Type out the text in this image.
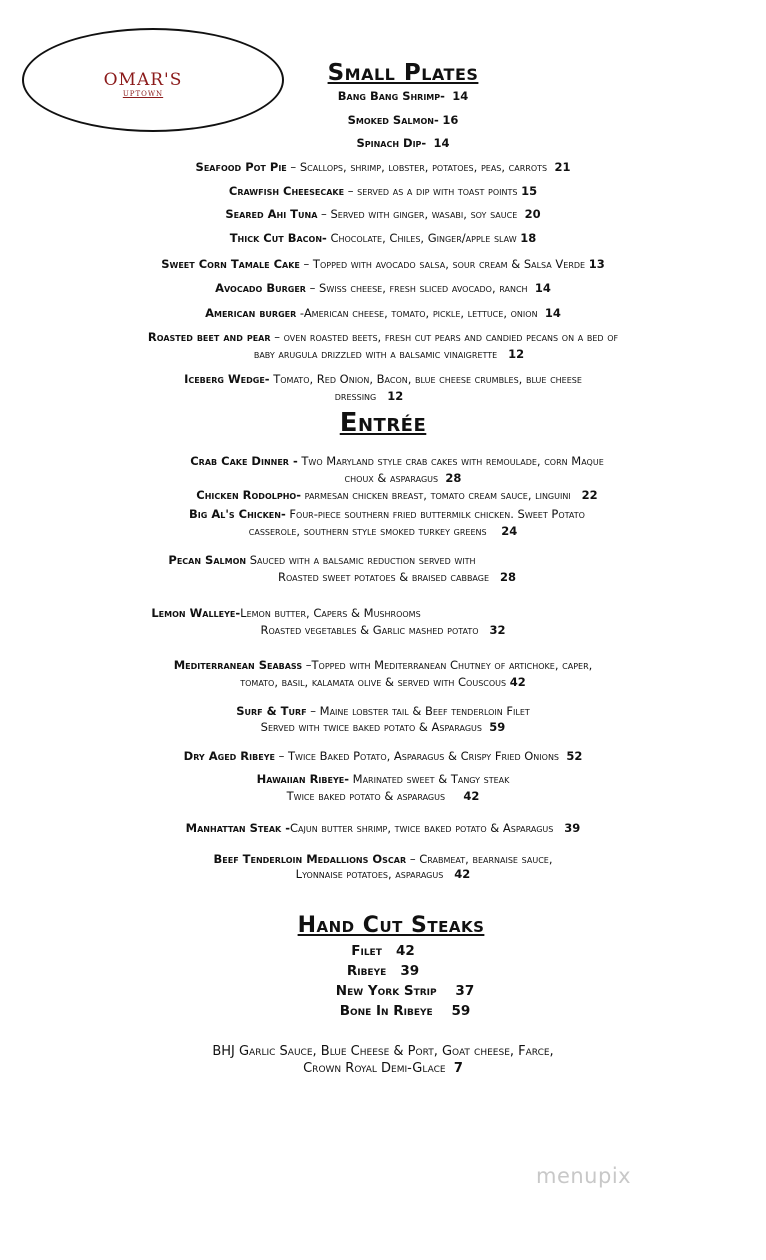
OMAR'S
UPTOWN
Small Plates
Bang Bang Shrimp- 14
Smoked Salmon- 16
Spinach Dip- 14
Seafood Pot Pie – Scallops, shrimp, lobster, potatoes, peas, carrots 21
Crawfish Cheesecake – served as a dip with toast points 15
Seared Ahi Tuna – Served with ginger, wasabi, soy sauce 20
Thick Cut Bacon- Chocolate, Chiles, Ginger/apple slaw 18
Sweet Corn Tamale Cake – Topped with avocado salsa, sour cream & Salsa Verde 13
Avocado Burger – Swiss cheese, fresh sliced avocado, ranch 14
American burger -American cheese, tomato, pickle, lettuce, onion 14
Roasted beet and pear – oven roasted beets, fresh cut pears and candied pecans on a bed of
baby arugula drizzled with a balsamic vinaigrette 12
Iceberg Wedge- Tomato, Red Onion, Bacon, blue cheese crumbles, blue cheese
dressing 12
Entrée
Crab Cake Dinner - Two Maryland style crab cakes with remoulade, corn Maque
choux & asparagus 28
Chicken Rodolpho- parmesan chicken breast, tomato cream sauce, linguini 22
Big Al's Chicken- Four-piece southern fried buttermilk chicken. Sweet Potato
casserole, southern style smoked turkey greens 24
Pecan Salmon Sauced with a balsamic reduction served with
Roasted sweet potatoes & braised cabbage 28
Lemon Walleye-Lemon butter, Capers & Mushrooms
Roasted vegetables & Garlic mashed potato 32
Mediterranean Seabass –Topped with Mediterranean Chutney of artichoke, caper,
tomato, basil, kalamata olive & served with Couscous 42
Surf & Turf – Maine lobster tail & Beef tenderloin Filet
Served with twice baked potato & Asparagus 59
Dry Aged Ribeye – Twice Baked Potato, Asparagus & Crispy Fried Onions 52
Hawaiian Ribeye- Marinated sweet & Tangy steak
Twice baked potato & asparagus 42
Manhattan Steak -Cajun butter shrimp, twice baked potato & Asparagus 39
Beef Tenderloin Medallions Oscar – Crabmeat, bearnaise sauce,
Lyonnaise potatoes, asparagus 42
Hand Cut Steaks
Filet 42
Ribeye 39
New York Strip 37
Bone In Ribeye 59
BHJ Garlic Sauce, Blue Cheese & Port, Goat cheese, Farce,
Crown Royal Demi-Glace 7
menupix
